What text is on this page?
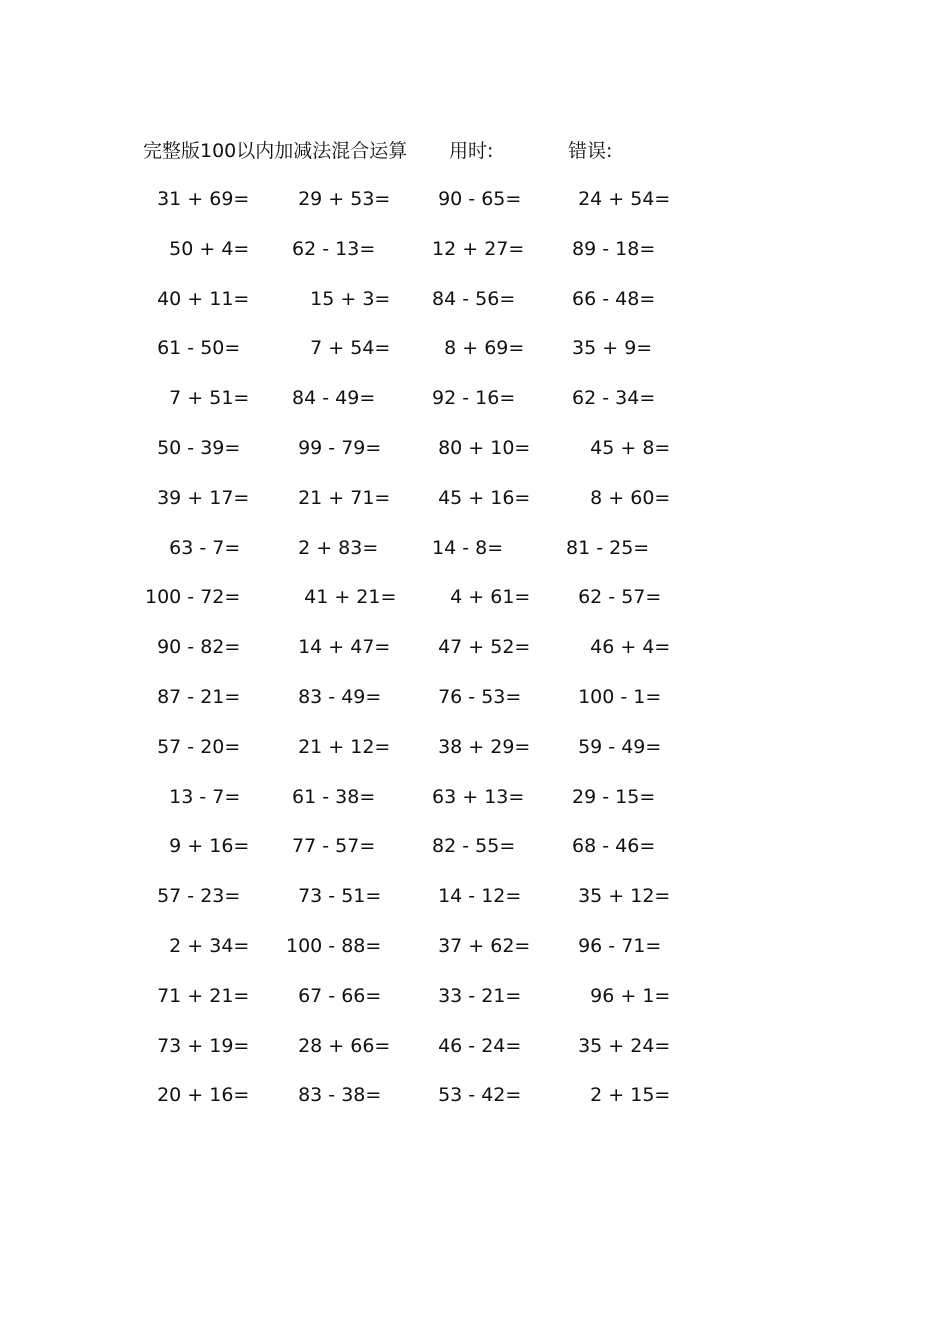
完整版100以内加减法混合运算 用时:	错误:
31 + 69=	29 + 53=	90 - 65=	24 + 54=
50 + 4=	62 - 13=	12 + 27=	89 - 18=
40 + 11=	15 + 3=	84 - 56=	66 - 48=
61 - 50=	7 + 54=	8 + 69=	35 + 9=
7 + 51=	84 - 49=	92 - 16=	62 - 34=
50 - 39=	99 - 79=	80 + 10=	45 + 8=
39 + 17=	21 + 71=	45 + 16=	8 + 60=
63 - 7=	2 + 83=	14 - 8=	81 - 25=
100 - 72=	41 + 21=	4 + 61=	62 - 57=
90 - 82=	14 + 47=	47 + 52=	46 + 4=
87 - 21=	83 - 49=	76 - 53=	100 - 1=
57 - 20=	21 + 12=	38 + 29=	59 - 49=
13 - 7=	61 - 38=	63 + 13=	29 - 15=
9 + 16=	77 - 57=	82 - 55=	68 - 46=
57 - 23=	73 - 51=	14 - 12=	35 + 12=
2 + 34=	100 - 88=	37 + 62=	96 - 71=
71 + 21=	67 - 66=	33 - 21=	96 + 1=
73 + 19=	28 + 66=	46 - 24=	35 + 24=
20 + 16=	83 - 38=	53 - 42=	2 + 15=
